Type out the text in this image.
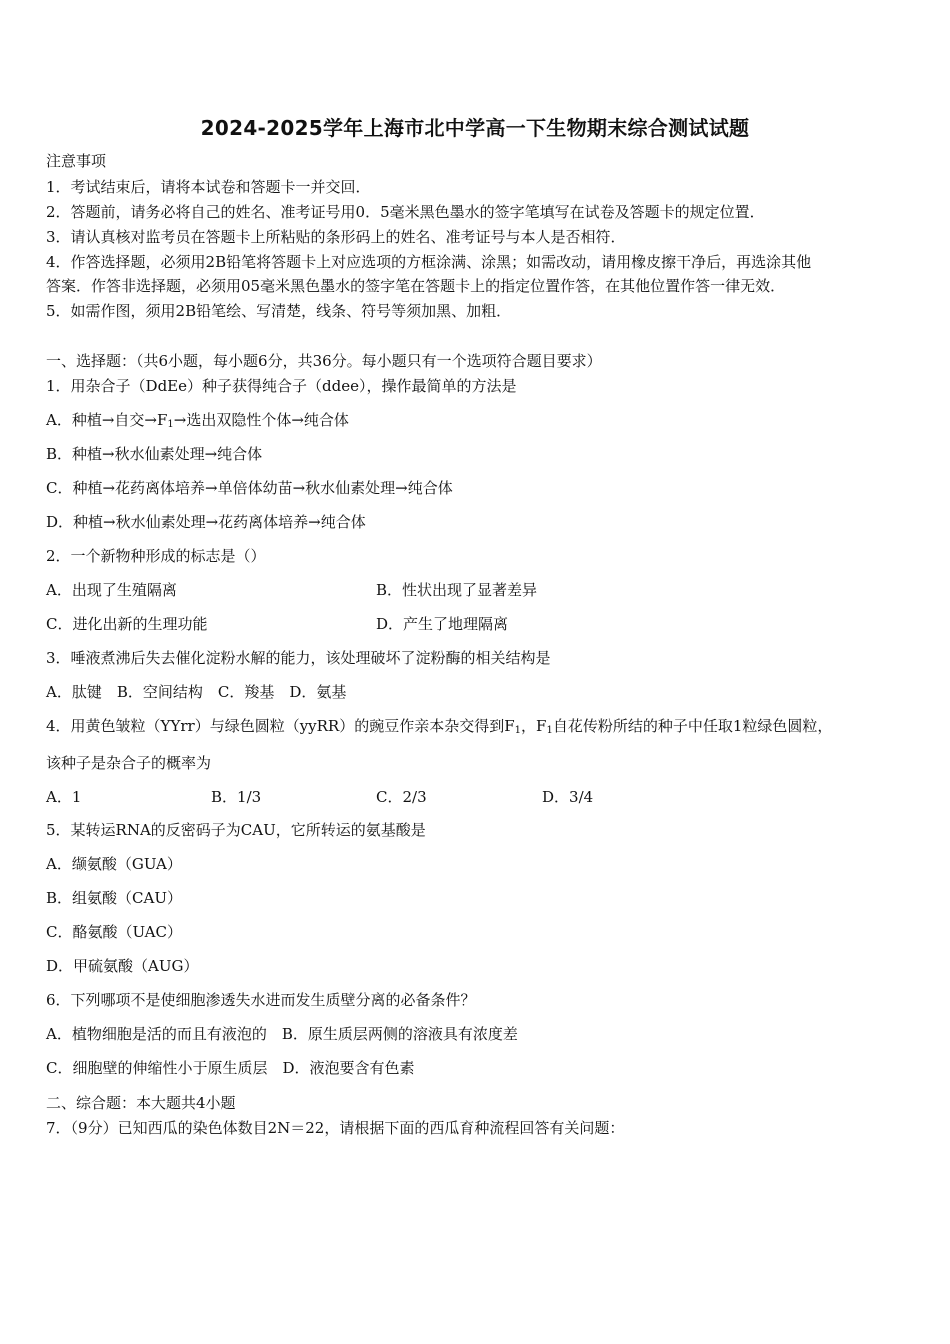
2024-2025学年上海市北中学高一下生物期末综合测试试题
注意事项
1．考试结束后，请将本试卷和答题卡一并交回．
2．答题前，请务必将自己的姓名、准考证号用0．5毫米黑色墨水的签字笔填写在试卷及答题卡的规定位置．
3．请认真核对监考员在答题卡上所粘贴的条形码上的姓名、准考证号与本人是否相符．
4．作答选择题，必须用2B铅笔将答题卡上对应选项的方框涂满、涂黑；如需改动，请用橡皮擦干净后，再选涂其他
答案．作答非选择题，必须用05毫米黑色墨水的签字笔在答题卡上的指定位置作答，在其他位置作答一律无效．
5．如需作图，须用2B铅笔绘、写清楚，线条、符号等须加黑、加粗．
一、选择题：（共6小题，每小题6分，共36分。每小题只有一个选项符合题目要求）
1．用杂合子（DdEe）种子获得纯合子（ddee），操作最简单的方法是
A．种植→自交$\to F_1\to$选出双隐性个体→纯合体
B．种植→秋水仙素处理→纯合体
C．种植→花药离体培养→单倍体幼苗→秋水仙素处理→纯合体
D．种植→秋水仙素处理→花药离体培养→纯合体
2．一个新物种形成的标志是（）
A．出现了生殖隔离	B．性状出现了显著差异
C．进化出新的生理功能	D．产生了地理隔离
3．唾液煮沸后失去催化淀粉水解的能力，该处理破坏了淀粉酶的相关结构是
A．肽键　B．空间结构　C．羧基　D．氨基
4．用黄色皱粒（YYrr）与绿色圆粒（yyRR）的豌豆作亲本杂交得到$F_1$，$F_1$自花传粉所结的种子中任取1粒绿色圆粒，
该种子是杂合子的概率为
A．1	B．1/3	C．2/3	D．3/4
5．某转运RNA的反密码子为CAU，它所转运的氨基酸是
A．缬氨酸（GUA）
B．组氨酸（CAU）
C．酪氨酸（UAC）
D．甲硫氨酸（AUG）
6．下列哪项不是使细胞渗透失水进而发生质壁分离的必备条件？
A．植物细胞是活的而且有液泡的　B．原生质层两侧的溶液具有浓度差
C．细胞壁的伸缩性小于原生质层　D．液泡要含有色素
二、综合题：本大题共4小题
7．（9分）已知西瓜的染色体数目2N＝22，请根据下面的西瓜育种流程回答有关问题：
